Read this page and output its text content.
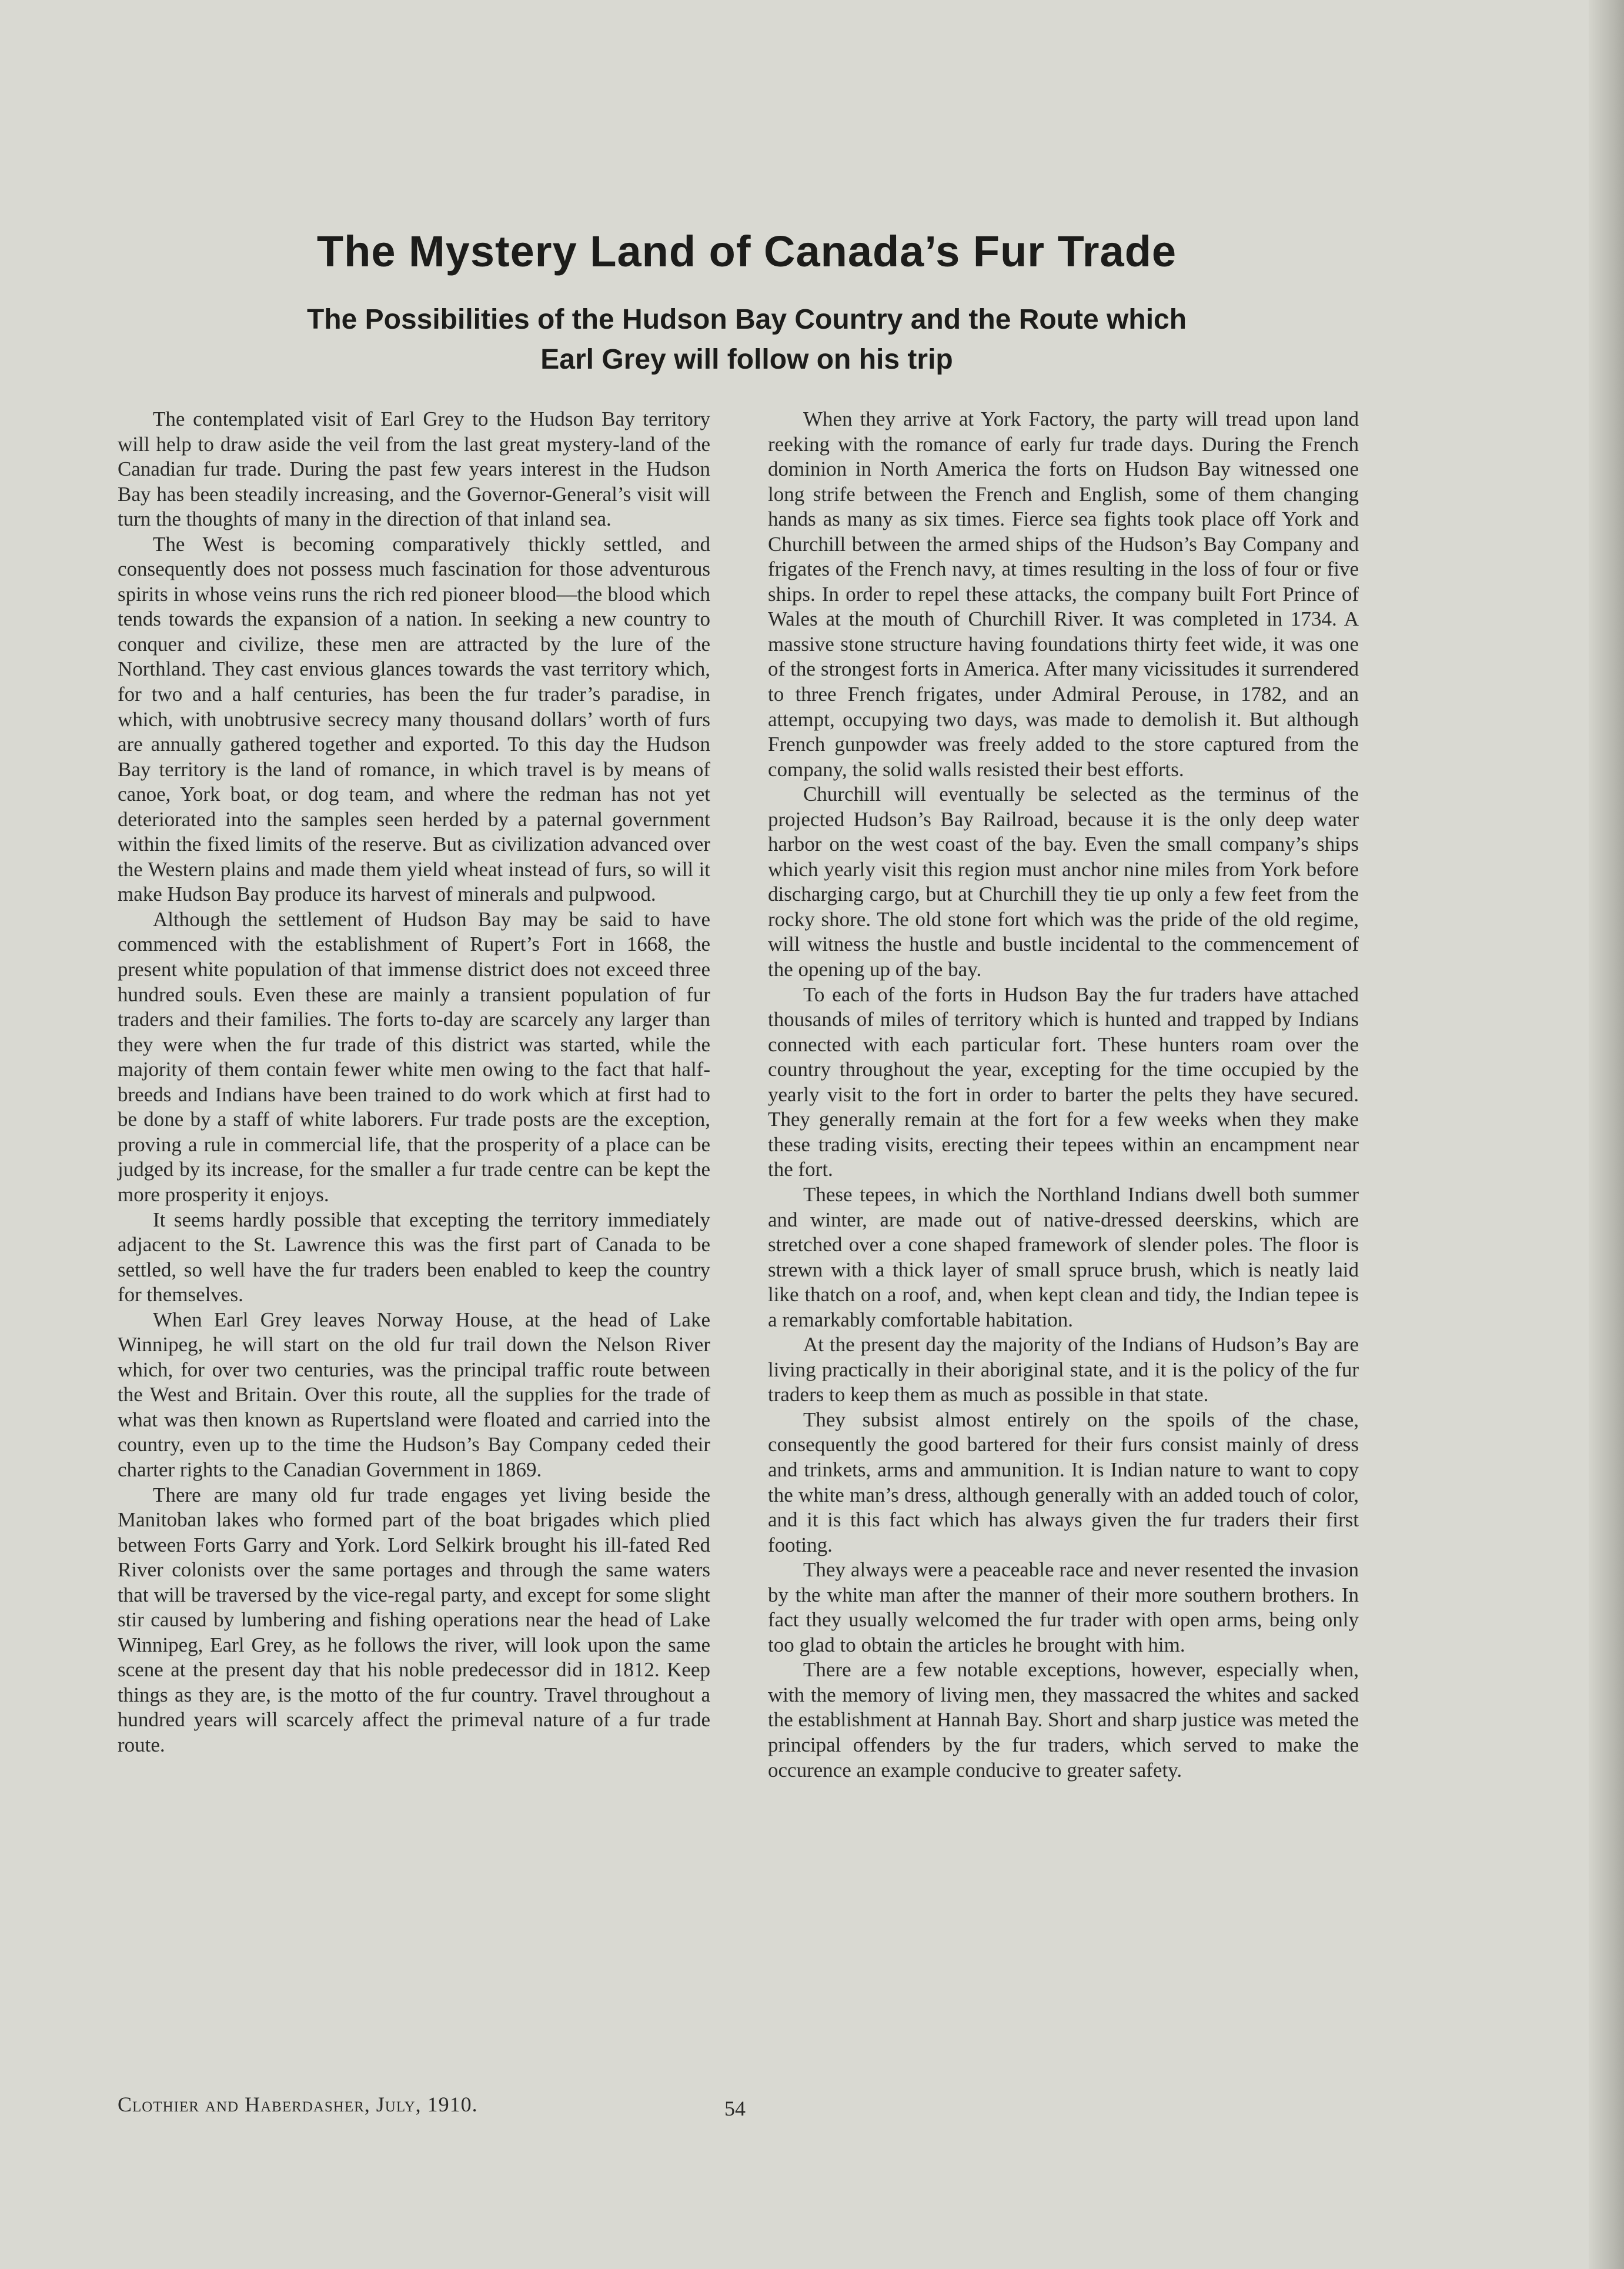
The Mystery Land of Canada’s Fur Trade
The Possibilities of the Hudson Bay Country and the Route which
Earl Grey will follow on his trip

The contemplated visit of Earl Grey to the Hudson Bay territory will help to draw aside the veil from the last great mystery-land of the Canadian fur trade. During the past few years interest in the Hudson Bay has been steadily increasing, and the Governor-General’s visit will turn the thoughts of many in the direction of that inland sea.

The West is becoming comparatively thickly settled, and consequently does not possess much fascination for those adventurous spirits in whose veins runs the rich red pioneer blood—the blood which tends towards the expansion of a nation. In seeking a new country to conquer and civilize, these men are attracted by the lure of the Northland. They cast envious glances towards the vast territory which, for two and a half centuries, has been the fur trader’s paradise, in which, with unobtrusive secrecy many thousand dollars’ worth of furs are annually gathered together and exported. To this day the Hudson Bay territory is the land of romance, in which travel is by means of canoe, York boat, or dog team, and where the redman has not yet deteriorated into the samples seen herded by a paternal government within the fixed limits of the reserve. But as civilization advanced over the Western plains and made them yield wheat instead of furs, so will it make Hudson Bay produce its harvest of minerals and pulpwood.

Although the settlement of Hudson Bay may be said to have commenced with the establishment of Rupert’s Fort in 1668, the present white population of that immense district does not exceed three hundred souls. Even these are mainly a transient population of fur traders and their families. The forts to-day are scarcely any larger than they were when the fur trade of this district was started, while the majority of them contain fewer white men owing to the fact that half-breeds and Indians have been trained to do work which at first had to be done by a staff of white laborers. Fur trade posts are the exception, proving a rule in commercial life, that the prosperity of a place can be judged by its increase, for the smaller a fur trade centre can be kept the more prosperity it enjoys.

It seems hardly possible that excepting the territory immediately adjacent to the St. Lawrence this was the first part of Canada to be settled, so well have the fur traders been enabled to keep the country for themselves.

When Earl Grey leaves Norway House, at the head of Lake Winnipeg, he will start on the old fur trail down the Nelson River which, for over two centuries, was the principal traffic route between the West and Britain. Over this route, all the supplies for the trade of what was then known as Rupertsland were floated and carried into the country, even up to the time the Hudson’s Bay Company ceded their charter rights to the Canadian Government in 1869.

There are many old fur trade engages yet living beside the Manitoban lakes who formed part of the boat brigades which plied between Forts Garry and York. Lord Selkirk brought his ill-fated Red River colonists over the same portages and through the same waters that will be traversed by the vice-regal party, and except for some slight stir caused by lumbering and fishing operations near the head of Lake Winnipeg, Earl Grey, as he follows the river, will look upon the same scene at the present day that his noble predecessor did in 1812. Keep things as they are, is the motto of the fur country. Travel throughout a hundred years will scarcely affect the primeval nature of a fur trade route.

When they arrive at York Factory, the party will tread upon land reeking with the romance of early fur trade days. During the French dominion in North America the forts on Hudson Bay witnessed one long strife between the French and English, some of them changing hands as many as six times. Fierce sea fights took place off York and Churchill between the armed ships of the Hudson’s Bay Company and frigates of the French navy, at times resulting in the loss of four or five ships. In order to repel these attacks, the company built Fort Prince of Wales at the mouth of Churchill River. It was completed in 1734. A massive stone structure having foundations thirty feet wide, it was one of the strongest forts in America. After many vicissitudes it surrendered to three French frigates, under Admiral Perouse, in 1782, and an attempt, occupying two days, was made to demolish it. But although French gunpowder was freely added to the store captured from the company, the solid walls resisted their best efforts.

Churchill will eventually be selected as the terminus of the projected Hudson’s Bay Railroad, because it is the only deep water harbor on the west coast of the bay. Even the small company’s ships which yearly visit this region must anchor nine miles from York before discharging cargo, but at Churchill they tie up only a few feet from the rocky shore. The old stone fort which was the pride of the old regime, will witness the hustle and bustle incidental to the commencement of the opening up of the bay.

To each of the forts in Hudson Bay the fur traders have attached thousands of miles of territory which is hunted and trapped by Indians connected with each particular fort. These hunters roam over the country throughout the year, excepting for the time occupied by the yearly visit to the fort in order to barter the pelts they have secured. They generally remain at the fort for a few weeks when they make these trading visits, erecting their tepees within an encampment near the fort.

These tepees, in which the Northland Indians dwell both summer and winter, are made out of native-dressed deerskins, which are stretched over a cone shaped framework of slender poles. The floor is strewn with a thick layer of small spruce brush, which is neatly laid like thatch on a roof, and, when kept clean and tidy, the Indian tepee is a remarkably comfortable habitation.

At the present day the majority of the Indians of Hudson’s Bay are living practically in their aboriginal state, and it is the policy of the fur traders to keep them as much as possible in that state.

They subsist almost entirely on the spoils of the chase, consequently the good bartered for their furs consist mainly of dress and trinkets, arms and ammunition. It is Indian nature to want to copy the white man’s dress, although generally with an added touch of color, and it is this fact which has always given the fur traders their first footing.

They always were a peaceable race and never resented the invasion by the white man after the manner of their more southern brothers. In fact they usually welcomed the fur trader with open arms, being only too glad to obtain the articles he brought with him.

There are a few notable exceptions, however, especially when, with the memory of living men, they massacred the whites and sacked the establishment at Hannah Bay. Short and sharp justice was meted the principal offenders by the fur traders, which served to make the occurence an example conducive to greater safety.

Clothier and Haberdasher, July, 1910.	54
